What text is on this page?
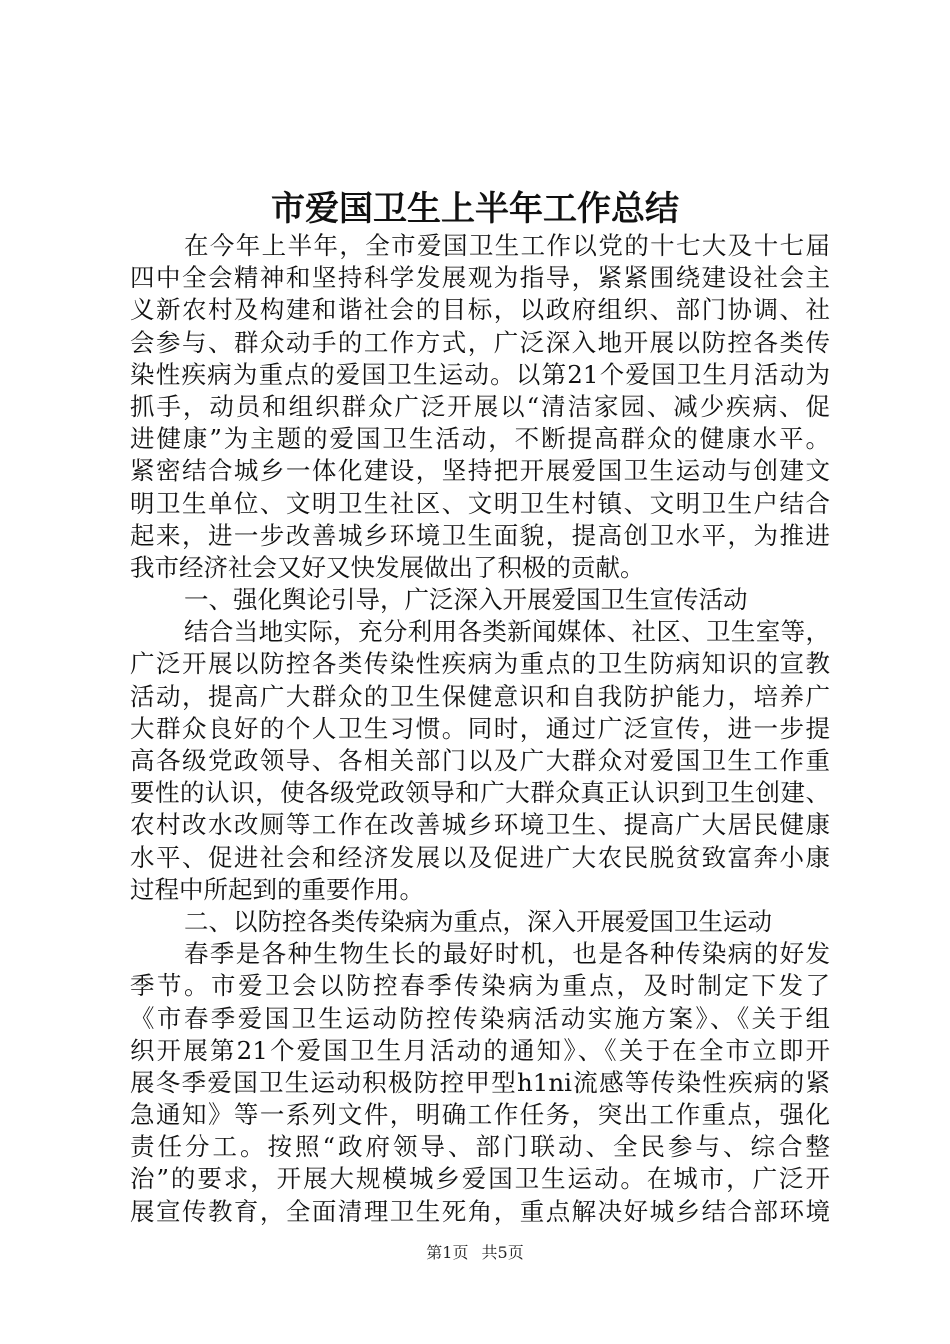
市爱国卫生上半年工作总结
在今年上半年，全市爱国卫生工作以党的十七大及十七届
四中全会精神和坚持科学发展观为指导，紧紧围绕建设社会主
义新农村及构建和谐社会的目标，以政府组织、部门协调、社
会参与、群众动手的工作方式，广泛深入地开展以防控各类传
染性疾病为重点的爱国卫生运动。以第21个爱国卫生月活动为
抓手，动员和组织群众广泛开展以“清洁家园、减少疾病、促
进健康”为主题的爱国卫生活动，不断提高群众的健康水平。
紧密结合城乡一体化建设，坚持把开展爱国卫生运动与创建文
明卫生单位、文明卫生社区、文明卫生村镇、文明卫生户结合
起来，进一步改善城乡环境卫生面貌，提高创卫水平，为推进
我市经济社会又好又快发展做出了积极的贡献。
一、强化舆论引导，广泛深入开展爱国卫生宣传活动
结合当地实际，充分利用各类新闻媒体、社区、卫生室等，
广泛开展以防控各类传染性疾病为重点的卫生防病知识的宣教
活动，提高广大群众的卫生保健意识和自我防护能力，培养广
大群众良好的个人卫生习惯。同时，通过广泛宣传，进一步提
高各级党政领导、各相关部门以及广大群众对爱国卫生工作重
要性的认识，使各级党政领导和广大群众真正认识到卫生创建、
农村改水改厕等工作在改善城乡环境卫生、提高广大居民健康
水平、促进社会和经济发展以及促进广大农民脱贫致富奔小康
过程中所起到的重要作用。
二、以防控各类传染病为重点，深入开展爱国卫生运动
春季是各种生物生长的最好时机，也是各种传染病的好发
季节。市爱卫会以防控春季传染病为重点，及时制定下发了
《市春季爱国卫生运动防控传染病活动实施方案》、《关于组
织开展第21个爱国卫生月活动的通知》、《关于在全市立即开
展冬季爱国卫生运动积极防控甲型h1ni流感等传染性疾病的紧
急通知》等一系列文件，明确工作任务，突出工作重点，强化
责任分工。按照“政府领导、部门联动、全民参与、综合整
治”的要求，开展大规模城乡爱国卫生运动。在城市，广泛开
展宣传教育，全面清理卫生死角，重点解决好城乡结合部环境
第1页 共5页
